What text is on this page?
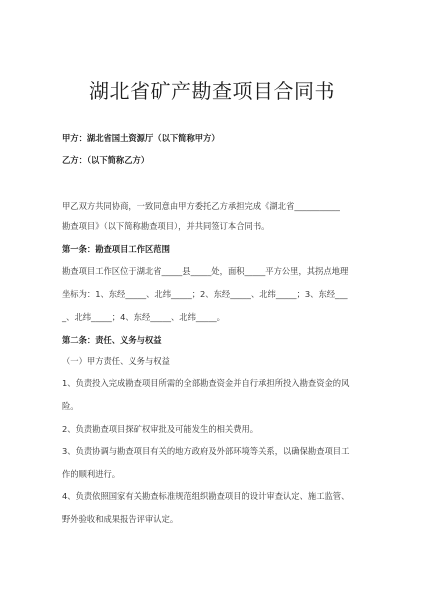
湖北省矿产勘查项目合同书

甲方：湖北省国土资源厅（以下简称甲方）

乙方：（以下简称乙方）

甲乙双方共同协商，一致同意由甲方委托乙方承担完成《湖北省___________

勘查项目》（以下简称勘查项目），并共同签订本合同书。

第一条：勘查项目工作区范围

勘查项目工作区位于湖北省_____县_____处，面积_____平方公里，其拐点地理

坐标为：1、东经_____、北纬_____；2、东经_____、北纬_____；3、东经___

_、北纬_____；4、东经_____、北纬_____。

第二条：责任、义务与权益

（一）甲方责任、义务与权益

1、负责投入完成勘查项目所需的全部勘查资金并自行承担所投入勘查资金的风

险。

2、负责勘查项目探矿权审批及可能发生的相关费用。

3、负责协调与勘查项目有关的地方政府及外部环境等关系，以确保勘查项目工

作的顺利进行。

4、负责依照国家有关勘查标准规范组织勘查项目的设计审查认定、施工监管、

野外验收和成果报告评审认定。
